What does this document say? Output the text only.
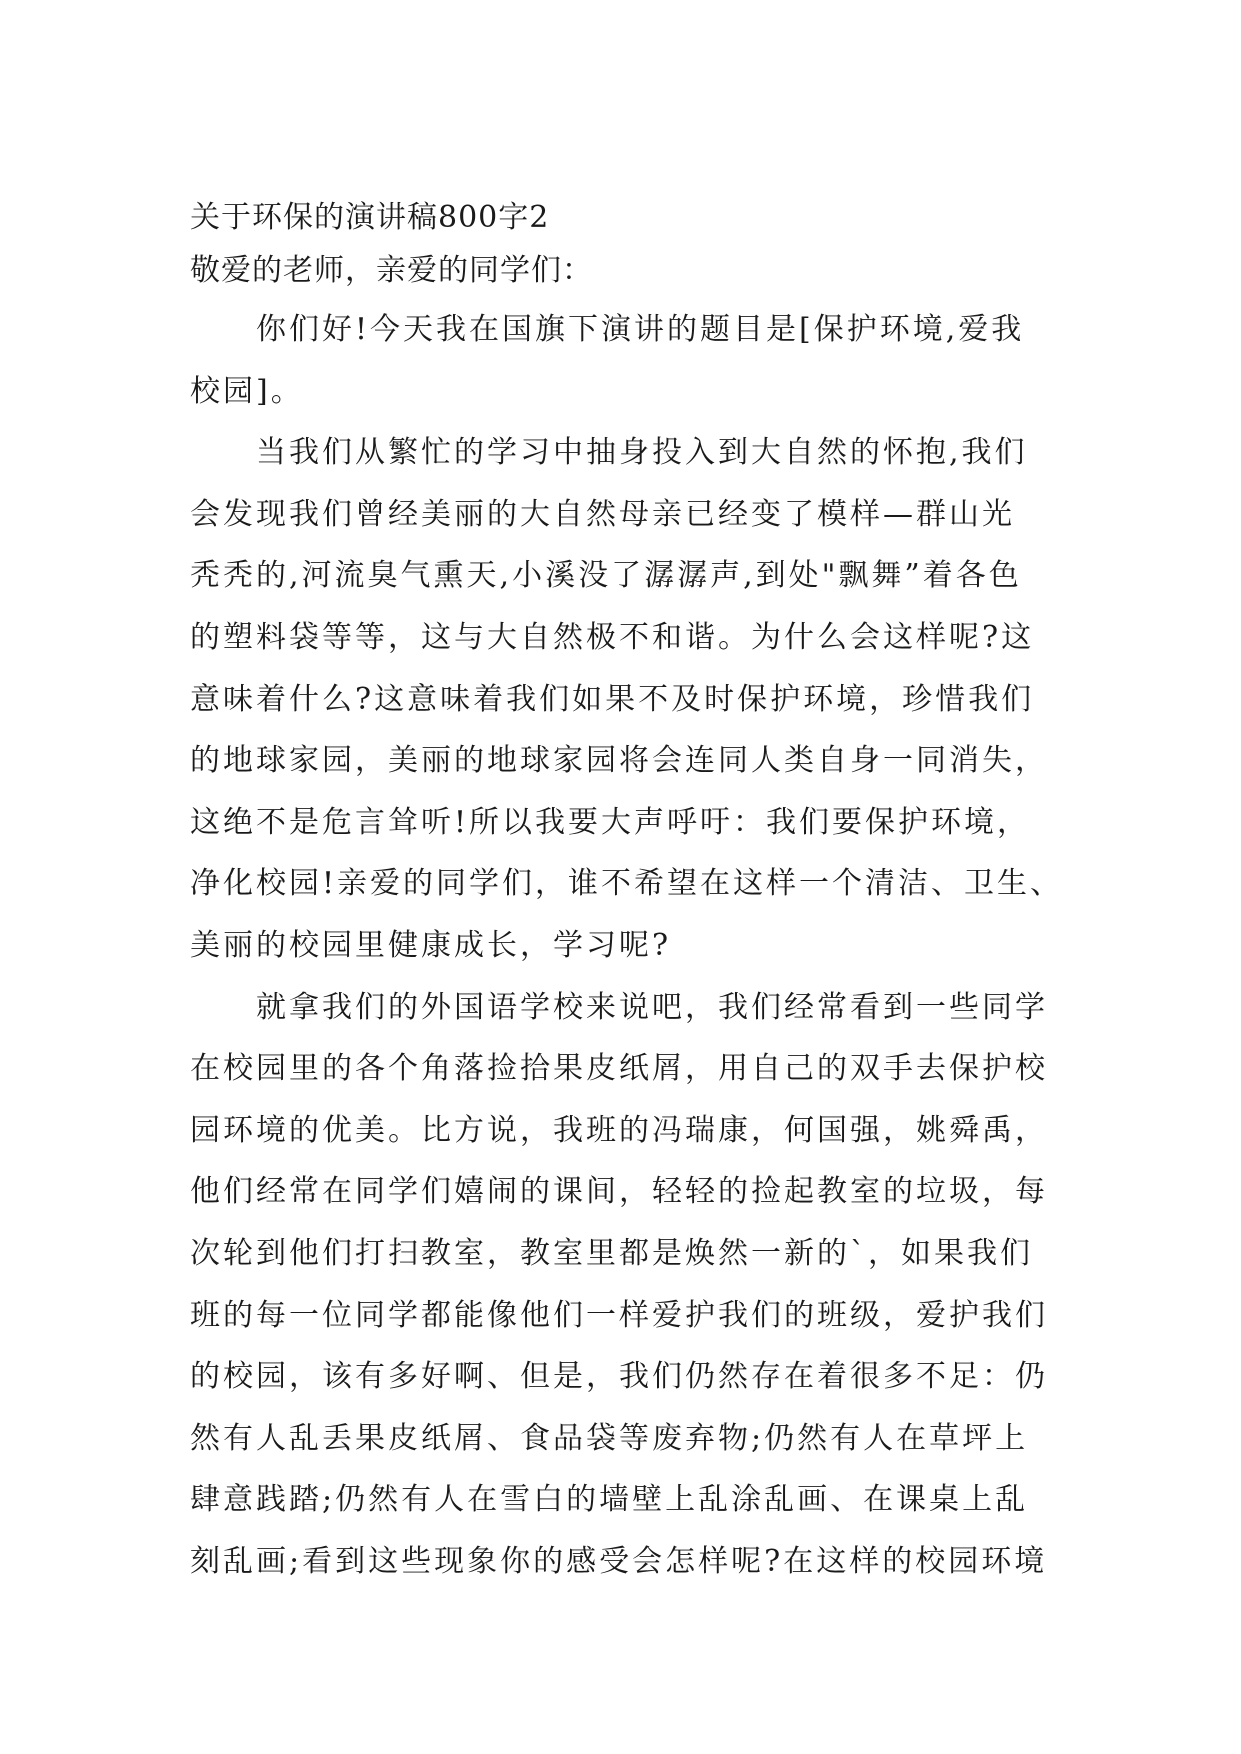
关于环保的演讲稿800字2

敬爱的老师，亲爱的同学们：

你们好!今天我在国旗下演讲的题目是[保护环境,爱我

校园]。

当我们从繁忙的学习中抽身投入到大自然的怀抱,我们

会发现我们曾经美丽的大自然母亲已经变了模样—群山光

秃秃的,河流臭气熏天,小溪没了潺潺声,到处"飘舞”着各色

的塑料袋等等，这与大自然极不和谐。为什么会这样呢?这

意味着什么?这意味着我们如果不及时保护环境，珍惜我们

的地球家园，美丽的地球家园将会连同人类自身一同消失，

这绝不是危言耸听!所以我要大声呼吁：我们要保护环境，

净化校园!亲爱的同学们，谁不希望在这样一个清洁、卫生、

美丽的校园里健康成长，学习呢?

就拿我们的外国语学校来说吧，我们经常看到一些同学

在校园里的各个角落捡拾果皮纸屑，用自己的双手去保护校

园环境的优美。比方说，我班的冯瑞康，何国强，姚舜禹，

他们经常在同学们嬉闹的课间，轻轻的捡起教室的垃圾，每

次轮到他们打扫教室，教室里都是焕然一新的`，如果我们

班的每一位同学都能像他们一样爱护我们的班级，爱护我们

的校园，该有多好啊、但是，我们仍然存在着很多不足：仍

然有人乱丢果皮纸屑、食品袋等废弃物;仍然有人在草坪上

肆意践踏;仍然有人在雪白的墙壁上乱涂乱画、在课桌上乱

刻乱画;看到这些现象你的感受会怎样呢?在这样的校园环境
